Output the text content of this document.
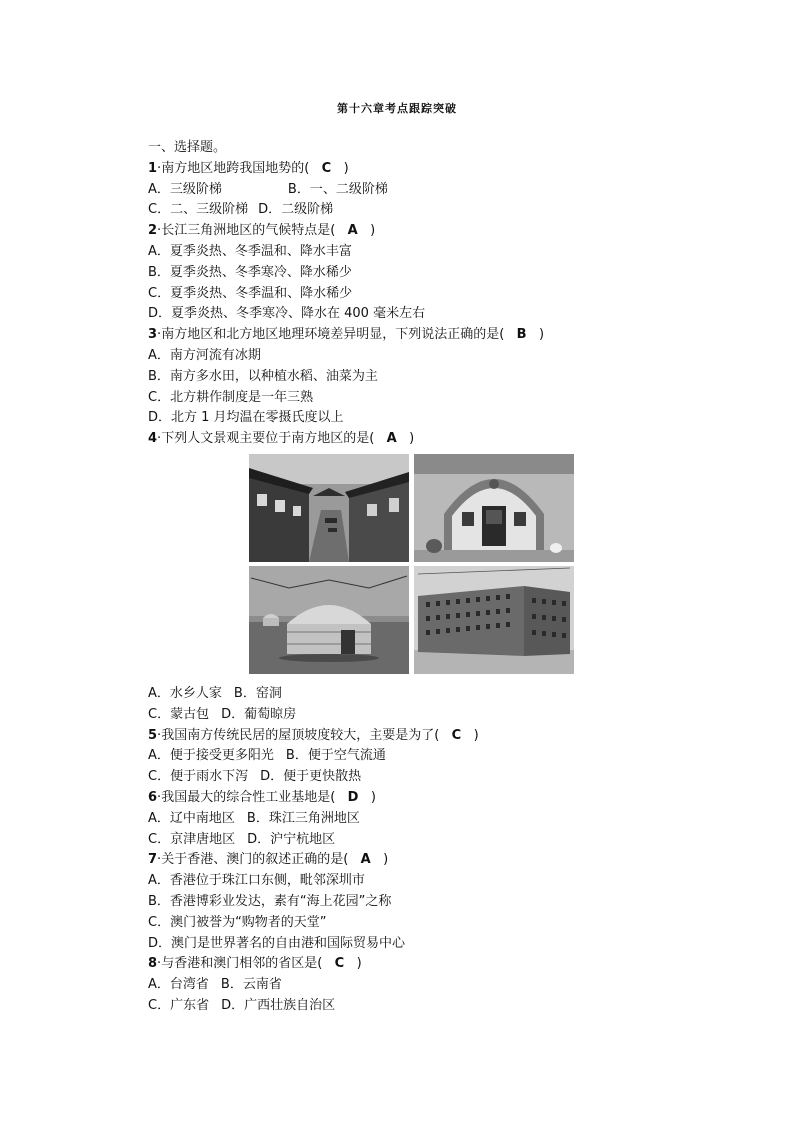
第十六章考点跟踪突破
一、选择题。
1·南方地区地跨我国地势的( C )
A．三级阶梯	B．一、二级阶梯
C．二、三级阶梯 D．二级阶梯
2·长江三角洲地区的气候特点是( A )
A．夏季炎热、冬季温和、降水丰富
B．夏季炎热、冬季寒冷、降水稀少
C．夏季炎热、冬季温和、降水稀少
D．夏季炎热、冬季寒冷、降水在 400 毫米左右
3·南方地区和北方地区地理环境差异明显，下列说法正确的是( B )
A．南方河流有冰期
B．南方多水田，以种植水稻、油菜为主
C．北方耕作制度是一年三熟
D．北方 1 月均温在零摄氏度以上
4·下列人文景观主要位于南方地区的是( A )
A．水乡人家 B．窑洞
C．蒙古包 D．葡萄晾房
5·我国南方传统民居的屋顶坡度较大，主要是为了( C )
A．便于接受更多阳光 B．便于空气流通
C．便于雨水下泻 D．便于更快散热
6·我国最大的综合性工业基地是( D )
A．辽中南地区 B．珠江三角洲地区
C．京津唐地区 D．沪宁杭地区
7·关于香港、澳门的叙述正确的是( A )
A．香港位于珠江口东侧，毗邻深圳市
B．香港博彩业发达，素有“海上花园”之称
C．澳门被誉为“购物者的天堂”
D．澳门是世界著名的自由港和国际贸易中心
8·与香港和澳门相邻的省区是( C )
A．台湾省 B．云南省
C．广东省 D．广西壮族自治区
